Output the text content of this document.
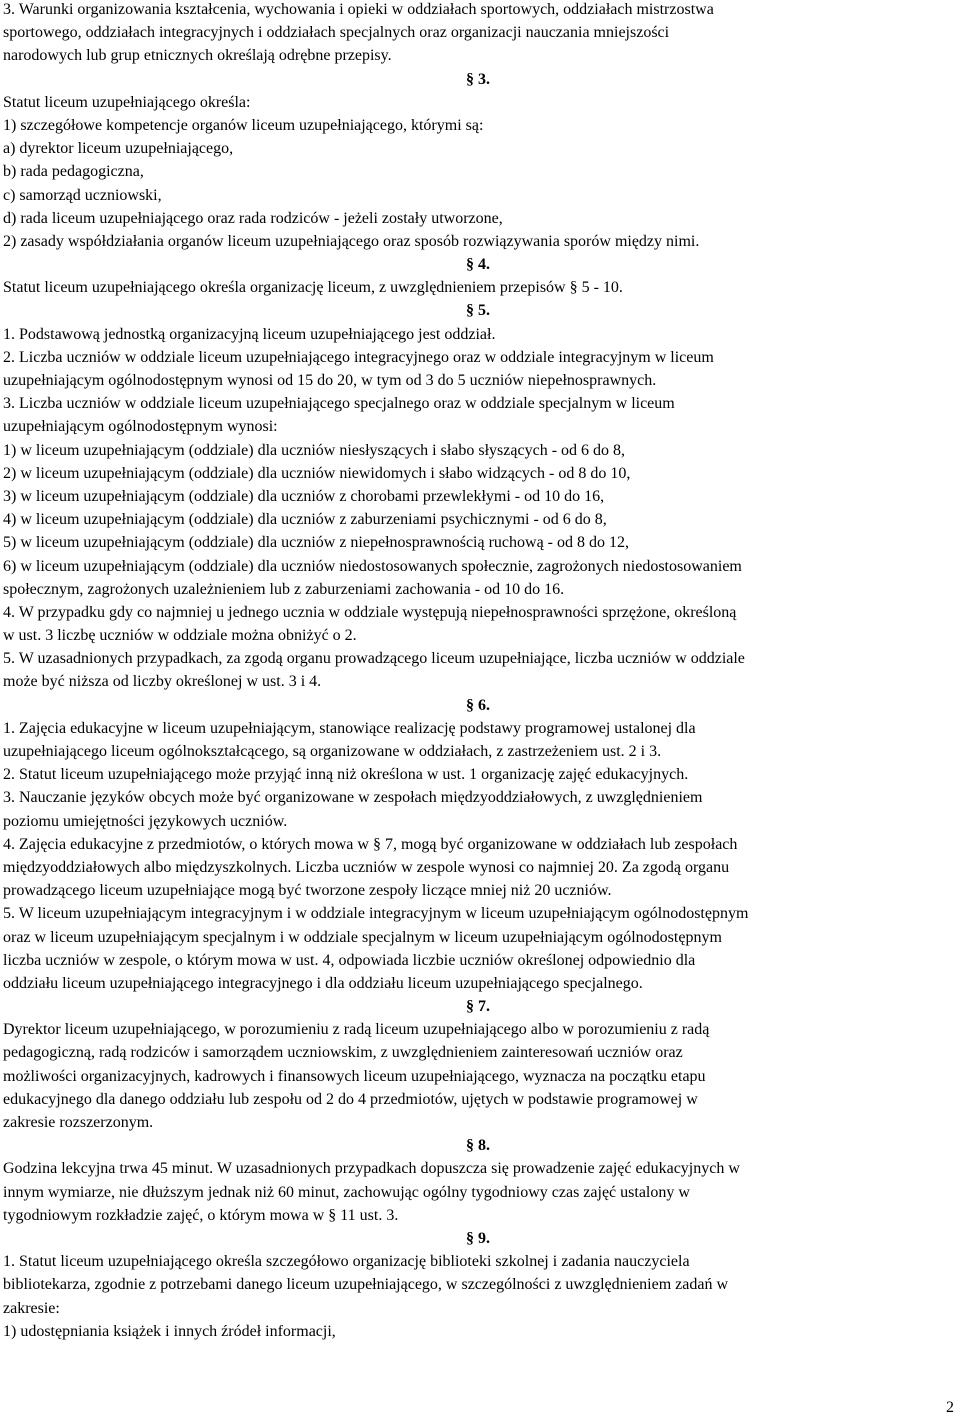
3. Warunki organizowania kształcenia, wychowania i opieki w oddziałach sportowych, oddziałach mistrzostwa
sportowego, oddziałach integracyjnych i oddziałach specjalnych oraz organizacji nauczania mniejszości
narodowych lub grup etnicznych określają odrębne przepisy.
§ 3.
Statut liceum uzupełniającego określa:
1) szczegółowe kompetencje organów liceum uzupełniającego, którymi są:
a) dyrektor liceum uzupełniającego,
b) rada pedagogiczna,
c) samorząd uczniowski,
d) rada liceum uzupełniającego oraz rada rodziców - jeżeli zostały utworzone,
2) zasady współdziałania organów liceum uzupełniającego oraz sposób rozwiązywania sporów między nimi.
§ 4.
Statut liceum uzupełniającego określa organizację liceum, z uwzględnieniem przepisów § 5 - 10.
§ 5.
1. Podstawową jednostką organizacyjną liceum uzupełniającego jest oddział.
2. Liczba uczniów w oddziale liceum uzupełniającego integracyjnego oraz w oddziale integracyjnym w liceum
uzupełniającym ogólnodostępnym wynosi od 15 do 20, w tym od 3 do 5 uczniów niepełnosprawnych.
3. Liczba uczniów w oddziale liceum uzupełniającego specjalnego oraz w oddziale specjalnym w liceum
uzupełniającym ogólnodostępnym wynosi:
1) w liceum uzupełniającym (oddziale) dla uczniów niesłyszących i słabo słyszących - od 6 do 8,
2) w liceum uzupełniającym (oddziale) dla uczniów niewidomych i słabo widzących - od 8 do 10,
3) w liceum uzupełniającym (oddziale) dla uczniów z chorobami przewlekłymi - od 10 do 16,
4) w liceum uzupełniającym (oddziale) dla uczniów z zaburzeniami psychicznymi - od 6 do 8,
5) w liceum uzupełniającym (oddziale) dla uczniów z niepełnosprawnością ruchową - od 8 do 12,
6) w liceum uzupełniającym (oddziale) dla uczniów niedostosowanych społecznie, zagrożonych niedostosowaniem
społecznym, zagrożonych uzależnieniem lub z zaburzeniami zachowania - od 10 do 16.
4. W przypadku gdy co najmniej u jednego ucznia w oddziale występują niepełnosprawności sprzężone, określoną
w ust. 3 liczbę uczniów w oddziale można obniżyć o 2.
5. W uzasadnionych przypadkach, za zgodą organu prowadzącego liceum uzupełniające, liczba uczniów w oddziale
może być niższa od liczby określonej w ust. 3 i 4.
§ 6.
1. Zajęcia edukacyjne w liceum uzupełniającym, stanowiące realizację podstawy programowej ustalonej dla
uzupełniającego liceum ogólnokształcącego, są organizowane w oddziałach, z zastrzeżeniem ust. 2 i 3.
2. Statut liceum uzupełniającego może przyjąć inną niż określona w ust. 1 organizację zajęć edukacyjnych.
3. Nauczanie języków obcych może być organizowane w zespołach międzyoddziałowych, z uwzględnieniem
poziomu umiejętności językowych uczniów.
4. Zajęcia edukacyjne z przedmiotów, o których mowa w § 7, mogą być organizowane w oddziałach lub zespołach
międzyoddziałowych albo międzyszkolnych. Liczba uczniów w zespole wynosi co najmniej 20. Za zgodą organu
prowadzącego liceum uzupełniające mogą być tworzone zespoły liczące mniej niż 20 uczniów.
5. W liceum uzupełniającym integracyjnym i w oddziale integracyjnym w liceum uzupełniającym ogólnodostępnym
oraz w liceum uzupełniającym specjalnym i w oddziale specjalnym w liceum uzupełniającym ogólnodostępnym
liczba uczniów w zespole, o którym mowa w ust. 4, odpowiada liczbie uczniów określonej odpowiednio dla
oddziału liceum uzupełniającego integracyjnego i dla oddziału liceum uzupełniającego specjalnego.
§ 7.
Dyrektor liceum uzupełniającego, w porozumieniu z radą liceum uzupełniającego albo w porozumieniu z radą
pedagogiczną, radą rodziców i samorządem uczniowskim, z uwzględnieniem zainteresowań uczniów oraz
możliwości organizacyjnych, kadrowych i finansowych liceum uzupełniającego, wyznacza na początku etapu
edukacyjnego dla danego oddziału lub zespołu od 2 do 4 przedmiotów, ujętych w podstawie programowej w
zakresie rozszerzonym.
§ 8.
Godzina lekcyjna trwa 45 minut. W uzasadnionych przypadkach dopuszcza się prowadzenie zajęć edukacyjnych w
innym wymiarze, nie dłuższym jednak niż 60 minut, zachowując ogólny tygodniowy czas zajęć ustalony w
tygodniowym rozkładzie zajęć, o którym mowa w § 11 ust. 3.
§ 9.
1. Statut liceum uzupełniającego określa szczegółowo organizację biblioteki szkolnej i zadania nauczyciela
bibliotekarza, zgodnie z potrzebami danego liceum uzupełniającego, w szczególności z uwzględnieniem zadań w
zakresie:
1) udostępniania książek i innych źródeł informacji,
2
